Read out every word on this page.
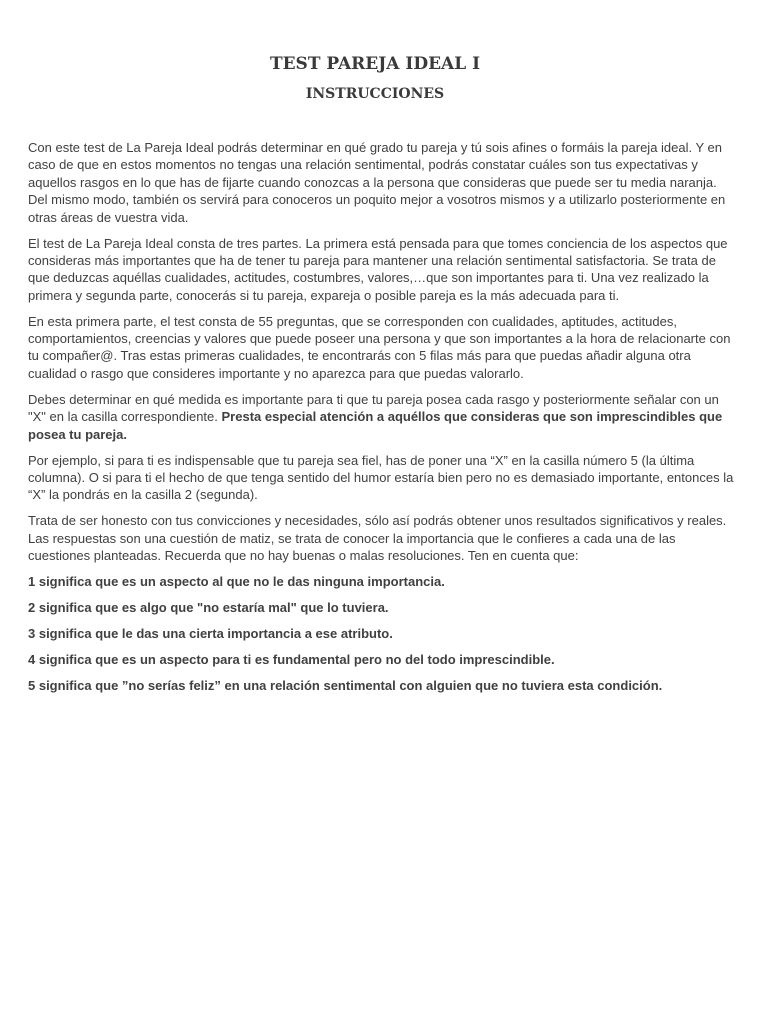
TEST PAREJA IDEAL I
INSTRUCCIONES

Con este test de La Pareja Ideal podrás determinar en qué grado tu pareja y tú sois afines o formáis la pareja ideal. Y en caso de que en estos momentos no tengas una relación sentimental, podrás constatar cuáles son tus expectativas y aquellos rasgos en lo que has de fijarte cuando conozcas a la persona que consideras que puede ser tu media naranja. Del mismo modo, también os servirá para conoceros un poquito mejor a vosotros mismos y a utilizarlo posteriormente en otras áreas de vuestra vida.

El test de La Pareja Ideal consta de tres partes. La primera está pensada para que tomes conciencia de los aspectos que consideras más importantes que ha de tener tu pareja para mantener una relación sentimental satisfactoria. Se trata de que deduzcas aquéllas cualidades, actitudes, costumbres, valores,…que son importantes para ti. Una vez realizado la primera y segunda parte, conocerás si tu pareja, expareja o posible pareja es la más adecuada para ti.

En esta primera parte, el test consta de 55 preguntas, que se corresponden con cualidades, aptitudes, actitudes, comportamientos, creencias y valores que puede poseer una persona y que son importantes a la hora de relacionarte con tu compañer@. Tras estas primeras cualidades, te encontrarás con 5 filas más para que puedas añadir alguna otra cualidad o rasgo que consideres importante y no aparezca para que puedas valorarlo.

Debes determinar en qué medida es importante para ti que tu pareja posea cada rasgo y posteriormente señalar con un "X" en la casilla correspondiente. Presta especial atención a aquéllos que consideras que son imprescindibles que posea tu pareja.

Por ejemplo, si para ti es indispensable que tu pareja sea fiel, has de poner una “X” en la casilla número 5 (la última columna). O si para ti el hecho de que tenga sentido del humor estaría bien pero no es demasiado importante, entonces la “X” la pondrás en la casilla 2 (segunda).

Trata de ser honesto con tus convicciones y necesidades, sólo así podrás obtener unos resultados significativos y reales. Las respuestas son una cuestión de matiz, se trata de conocer la importancia que le confieres a cada una de las cuestiones planteadas. Recuerda que no hay buenas o malas resoluciones. Ten en cuenta que:

1 significa que es un aspecto al que no le das ninguna importancia.

2 significa que es algo que "no estaría mal" que lo tuviera.

3 significa que le das una cierta importancia a ese atributo.

4 significa que es un aspecto para ti es fundamental pero no del todo imprescindible.

5 significa que ”no serías feliz” en una relación sentimental con alguien que no tuviera esta condición.
